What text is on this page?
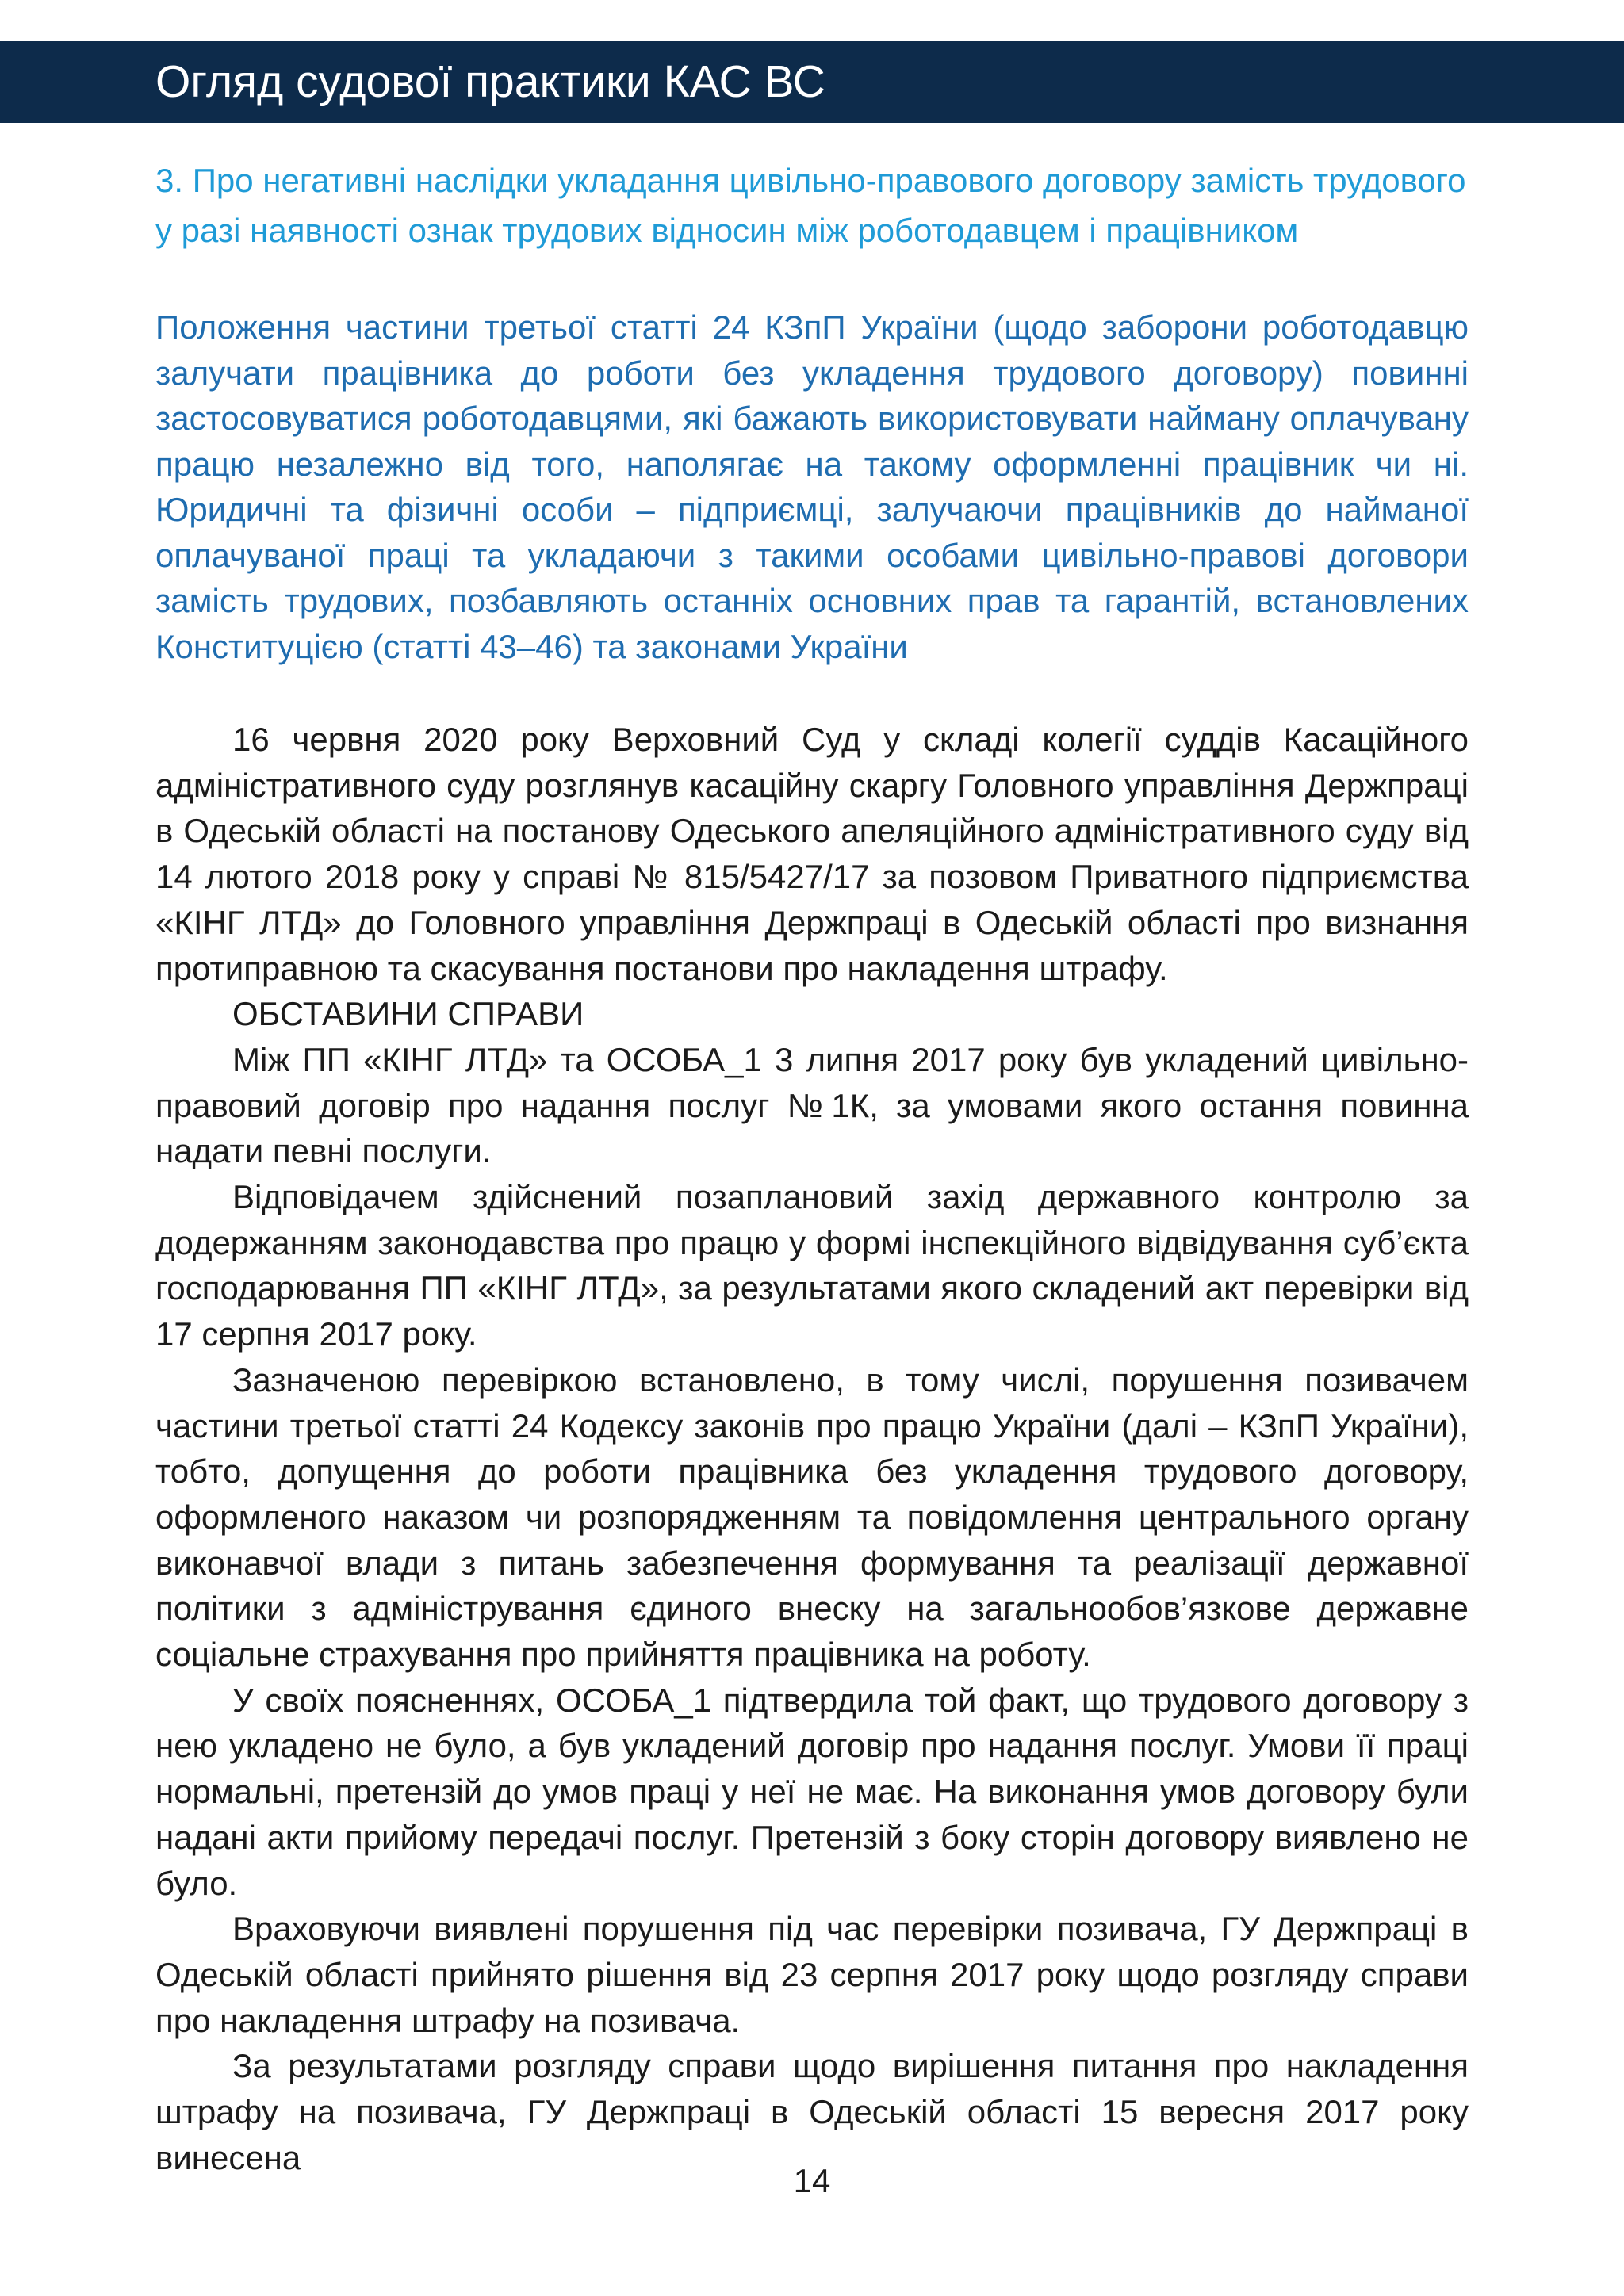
Огляд судової практики КАС ВС
3. Про негативні наслідки укладання цивільно-правового договору замість трудового у разі наявності ознак трудових відносин між роботодавцем і працівником
Положення частини третьої статті 24 КЗпП України (щодо заборони роботодавцю залучати працівника до роботи без укладення трудового договору) повинні застосовуватися роботодавцями, які бажають використовувати найману оплачувану працю незалежно від того, наполягає на такому оформленні працівник чи ні. Юридичні та фізичні особи – підприємці, залучаючи працівників до найманої оплачуваної праці та укладаючи з такими особами цивільно-правові договори замість трудових, позбавляють останніх основних прав та гарантій, встановлених Конституцією (статті 43–46) та законами України

16 червня 2020 року Верховний Суд у складі колегії суддів Касаційного адміністративного суду розглянув касаційну скаргу Головного управління Держпраці в Одеській області на постанову Одеського апеляційного адміністративного суду від 14 лютого 2018 року у справі № 815/5427/17 за позовом Приватного підприємства «КІНГ ЛТД» до Головного управління Держпраці в Одеській області про визнання протиправною та скасування постанови про накладення штрафу.

ОБСТАВИНИ СПРАВИ

Між ПП «КІНГ ЛТД» та ОСОБА_1 3 липня 2017 року був укладений цивільно-правовий договір про надання послуг №1К, за умовами якого остання повинна надати певні послуги.

Відповідачем здійснений позаплановий захід державного контролю за додержанням законодавства про працю у формі інспекційного відвідування суб’єкта господарювання ПП «КІНГ ЛТД», за результатами якого складений акт перевірки від 17 серпня 2017 року.

Зазначеною перевіркою встановлено, в тому числі, порушення позивачем частини третьої статті 24 Кодексу законів про працю України (далі – КЗпП України), тобто, допущення до роботи працівника без укладення трудового договору, оформленого наказом чи розпорядженням та повідомлення центрального органу виконавчої влади з питань забезпечення формування та реалізації державної політики з адміністрування єдиного внеску на загальнообов’язкове державне соціальне страхування про прийняття працівника на роботу.

У своїх поясненнях, ОСОБА_1 підтвердила той факт, що трудового договору з нею укладено не було, а був укладений договір про надання послуг. Умови її праці нормальні, претензій до умов праці у неї не має. На виконання умов договору були надані акти прийому передачі послуг. Претензій з боку сторін договору виявлено не було.

Враховуючи виявлені порушення під час перевірки позивача, ГУ Держпраці в Одеській області прийнято рішення від 23 серпня 2017 року щодо розгляду справи про накладення штрафу на позивача.

За результатами розгляду справи щодо вирішення питання про накладення штрафу на позивача, ГУ Держпраці в Одеській області 15 вересня 2017 року винесена

14
